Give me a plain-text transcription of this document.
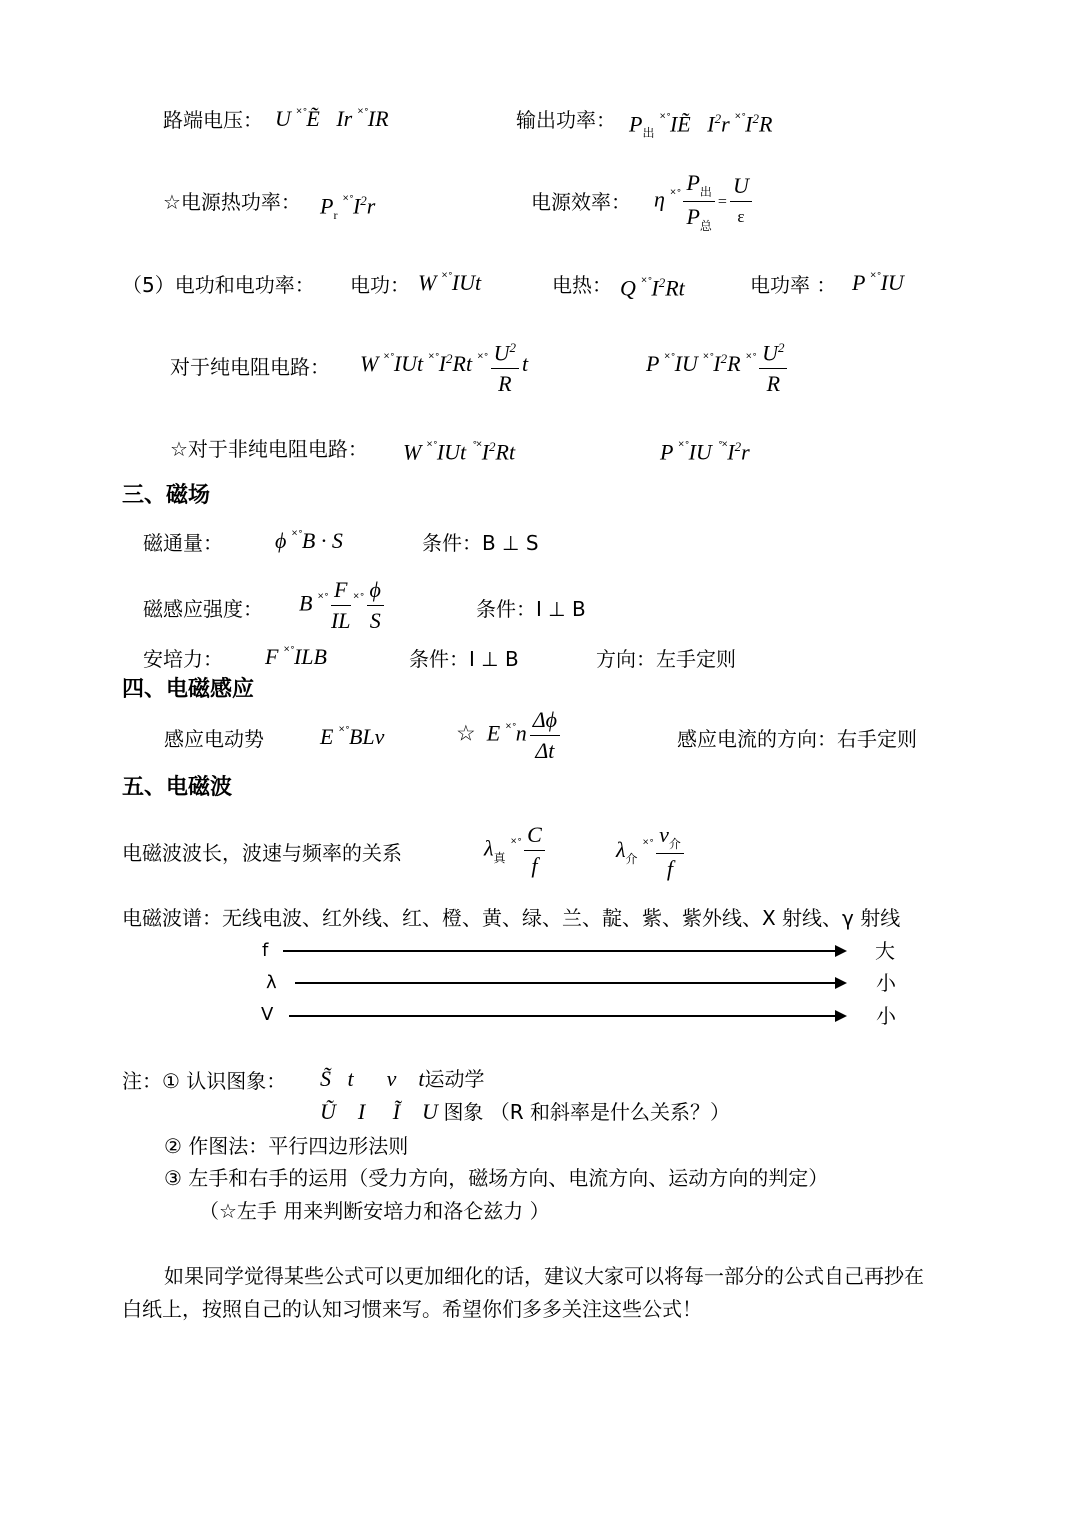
路端电压： U ˟˚Ẽ   Ir ˟˚IR	输出功率： $P_出$ ˟˚IẼ   $I^2r$ $^{˟˚}I^2R$
☆电源热功率： $P_r$ $^{˟˚}I^2r$	电源效率： η ˟˚
$P_出$
$P_总$
=
U
ε
（5）电功和电功率： 电功： W ˟˚IUt	电热： Q $^{˟˚}I^2Rt$	电功率 ： P ˟˚IU
对于纯电阻电路： W ˟˚IUt $^{˟˚}I^2Rt$ $^{˟˚} \frac{U^2}{R}$ t	P ˟˚IU $^{˟˚}I^2R$ $^{˟˚} \frac{U^2}{R}$
☆对于非纯电阻电路： W ˟˚IUt $^{˚˟}I^2Rt$	P ˟˚IU $^{˚˟}I^2r$
三、磁场
磁通量： ϕ ˟˚B · S	条件：B ⊥ S
磁感应强度： B $^{˟˚} \frac{F}{IL} ^{˟˚} \frac{\phi}{S}$	条件：I ⊥ B
安培力： F ˟˚ILB	条件：I ⊥ B	方向：左手定则
四、电磁感应
感应电动势	E ˟˚BLv	☆  E $^{˟˚}n \frac{\Delta\phi}{\Delta t}$	感应电流的方向：右手定则
五、电磁波
电磁波波长，波速与频率的关系	$\lambda_真$ $^{˟˚} \frac{C}{f}$	$\lambda_介$ ˟˚ $v_介$
f
电磁波谱：无线电波、红外线、红、橙、黄、绿、兰、靛、紫、紫外线、X 射线、γ 射线
f	大
λ	小
V	小
注：① 认识图象： S̃   t      v    t运动学
Ũ    I     Ĩ    U 图象 （R 和斜率是什么关系？）
② 作图法：平行四边形法则
③ 左手和右手的运用（受力方向，磁场方向、电流方向、运动方向的判定）
（☆左手 用来判断安培力和洛仑兹力 ）
如果同学觉得某些公式可以更加细化的话，建议大家可以将每一部分的公式自己再抄在
白纸上，按照自己的认知习惯来写。希望你们多多关注这些公式！
